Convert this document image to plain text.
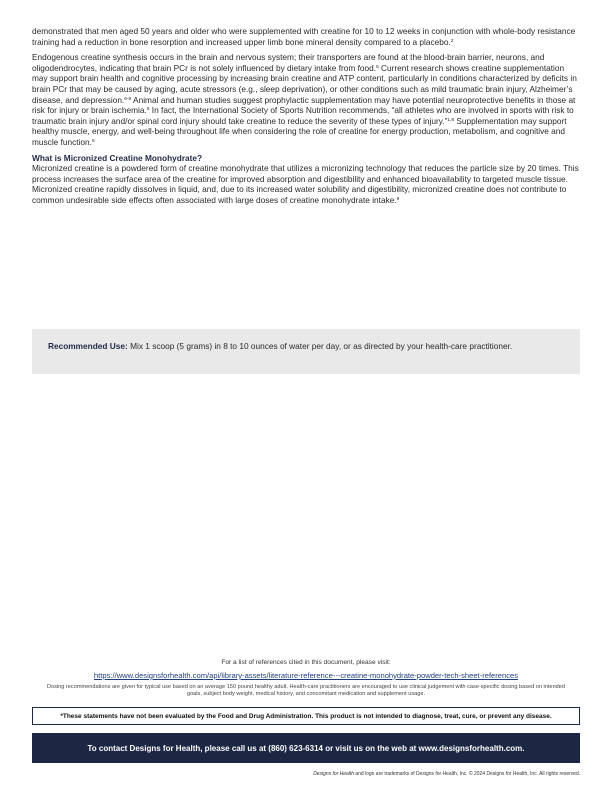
demonstrated that men aged 50 years and older who were supplemented with creatine for 10 to 12 weeks in conjunction with whole-body resistance training had a reduction in bone resorption and increased upper limb bone mineral density compared to a placebo.$^2$

Endogenous creatine synthesis occurs in the brain and nervous system; their transporters are found at the blood-brain barrier, neurons, and oligodendrocytes, indicating that brain PCr is not solely influenced by dietary intake from food.$^6$ Current research shows creatine supplementation may support brain health and cognitive processing by increasing brain creatine and ATP content, particularly in conditions characterized by deficits in brain PCr that may be caused by aging, acute stressors (e.g., sleep deprivation), or other conditions such as mild traumatic brain injury, Alzheimer’s disease, and depression.$^{6-8}$ Animal and human studies suggest prophylactic supplementation may have potential neuroprotective benefits in those at risk for injury or brain ischemia.$^6$ In fact, the International Society of Sports Nutrition recommends, “all athletes who are involved in sports with risk to traumatic brain injury and/or spinal cord injury should take creatine to reduce the severity of these types of injury.”$^{1,8}$ Supplementation may support healthy muscle, energy, and well-being throughout life when considering the role of creatine for energy production, metabolism, and cognitive and muscle function.$^8$

What is Micronized Creatine Monohydrate?

Micronized creatine is a powdered form of creatine monohydrate that utilizes a micronizing technology that reduces the particle size by 20 times. This process increases the surface area of the creatine for improved absorption and digestibility and enhanced bioavailability to targeted muscle tissue. Micronized creatine rapidly dissolves in liquid, and, due to its increased water solubility and digestibility, micronized creatine does not contribute to common undesirable side effects often associated with large doses of creatine monohydrate intake.$^9$

Recommended Use: Mix 1 scoop (5 grams) in 8 to 10 ounces of water per day, or as directed by your health-care practitioner.
For a list of references cited in this document, please visit:
https://www.designsforhealth.com/api/library-assets/literature-reference---creatine-monohydrate-powder-tech-sheet-references
Dosing recommendations are given for typical use based on an average 150 pound healthy adult. Health-care practitioners are encouraged to use clinical judgement with case-specific dosing based on intended goals, subject body weight, medical history, and concomitant medication and supplement usage.
*These statements have not been evaluated by the Food and Drug Administration. This product is not intended to diagnose, treat, cure, or prevent any disease.
To contact Designs for Health, please call us at (860) 623-6314 or visit us on the web at www.designsforhealth.com.
Designs for Health and logo are trademarks of Designs for Health, Inc. © 2024 Designs for Health, Inc. All rights reserved.
